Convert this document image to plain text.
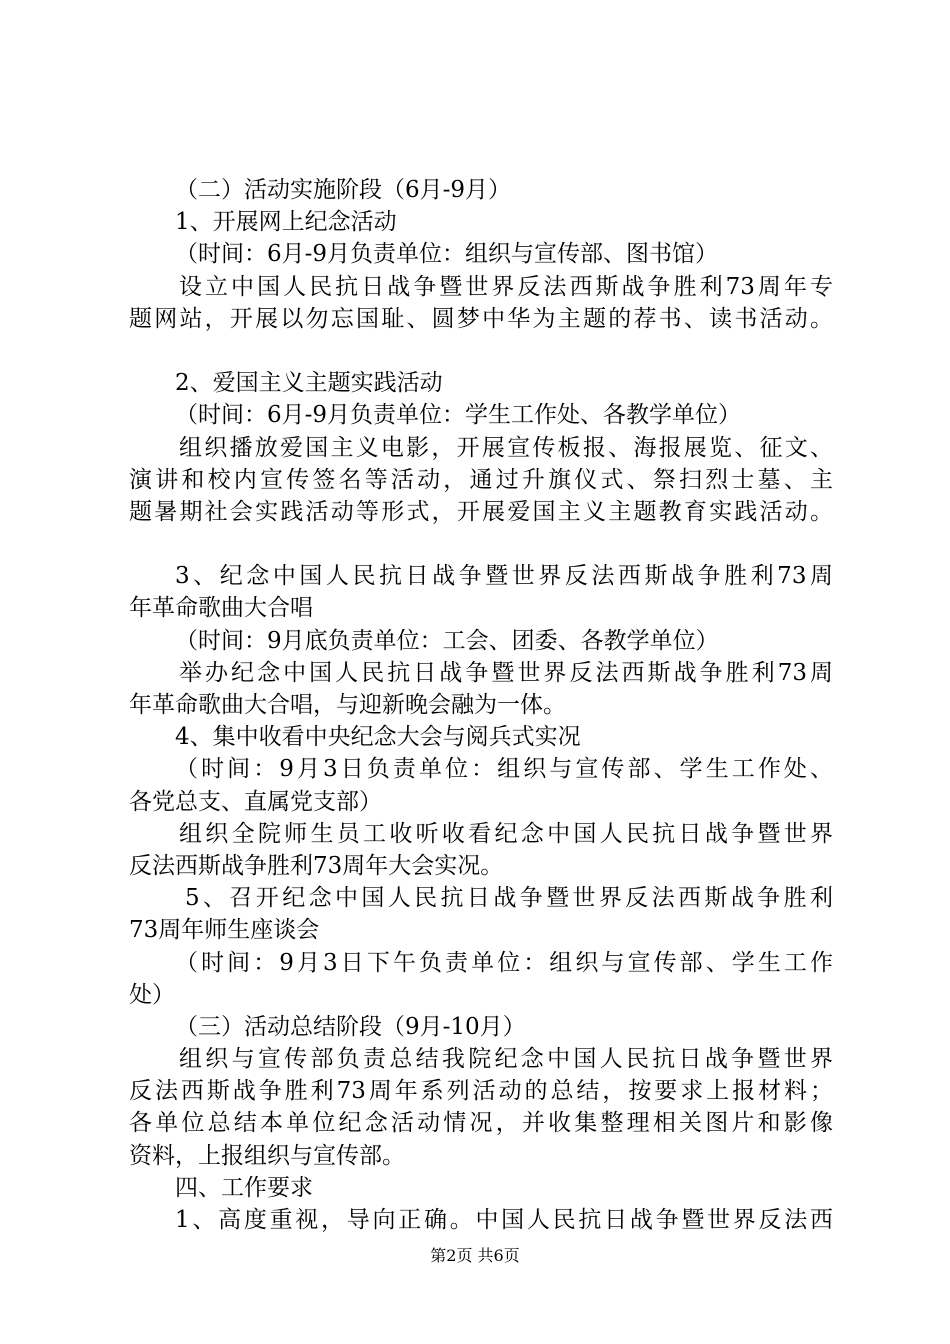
（二）活动实施阶段（6月-9月）
1、开展网上纪念活动
（时间：6月-9月负责单位：组织与宣传部、图书馆）
设立中国人民抗日战争暨世界反法西斯战争胜利73周年专
题网站，开展以勿忘国耻、圆梦中华为主题的荐书、读书活动。
2、爱国主义主题实践活动
（时间：6月-9月负责单位：学生工作处、各教学单位）
组织播放爱国主义电影，开展宣传板报、海报展览、征文、
演讲和校内宣传签名等活动，通过升旗仪式、祭扫烈士墓、主
题暑期社会实践活动等形式，开展爱国主义主题教育实践活动。
3、纪念中国人民抗日战争暨世界反法西斯战争胜利73周
年革命歌曲大合唱
（时间：9月底负责单位：工会、团委、各教学单位）
举办纪念中国人民抗日战争暨世界反法西斯战争胜利73周
年革命歌曲大合唱，与迎新晚会融为一体。
4、集中收看中央纪念大会与阅兵式实况
（时间：9月3日负责单位：组织与宣传部、学生工作处、
各党总支、直属党支部）
组织全院师生员工收听收看纪念中国人民抗日战争暨世界
反法西斯战争胜利73周年大会实况。
5、召开纪念中国人民抗日战争暨世界反法西斯战争胜利
73周年师生座谈会
（时间：9月3日下午负责单位：组织与宣传部、学生工作
处）
（三）活动总结阶段（9月-10月）
组织与宣传部负责总结我院纪念中国人民抗日战争暨世界
反法西斯战争胜利73周年系列活动的总结，按要求上报材料；
各单位总结本单位纪念活动情况，并收集整理相关图片和影像
资料，上报组织与宣传部。
四、工作要求
1、高度重视，导向正确。中国人民抗日战争暨世界反法西
第2页 共6页
